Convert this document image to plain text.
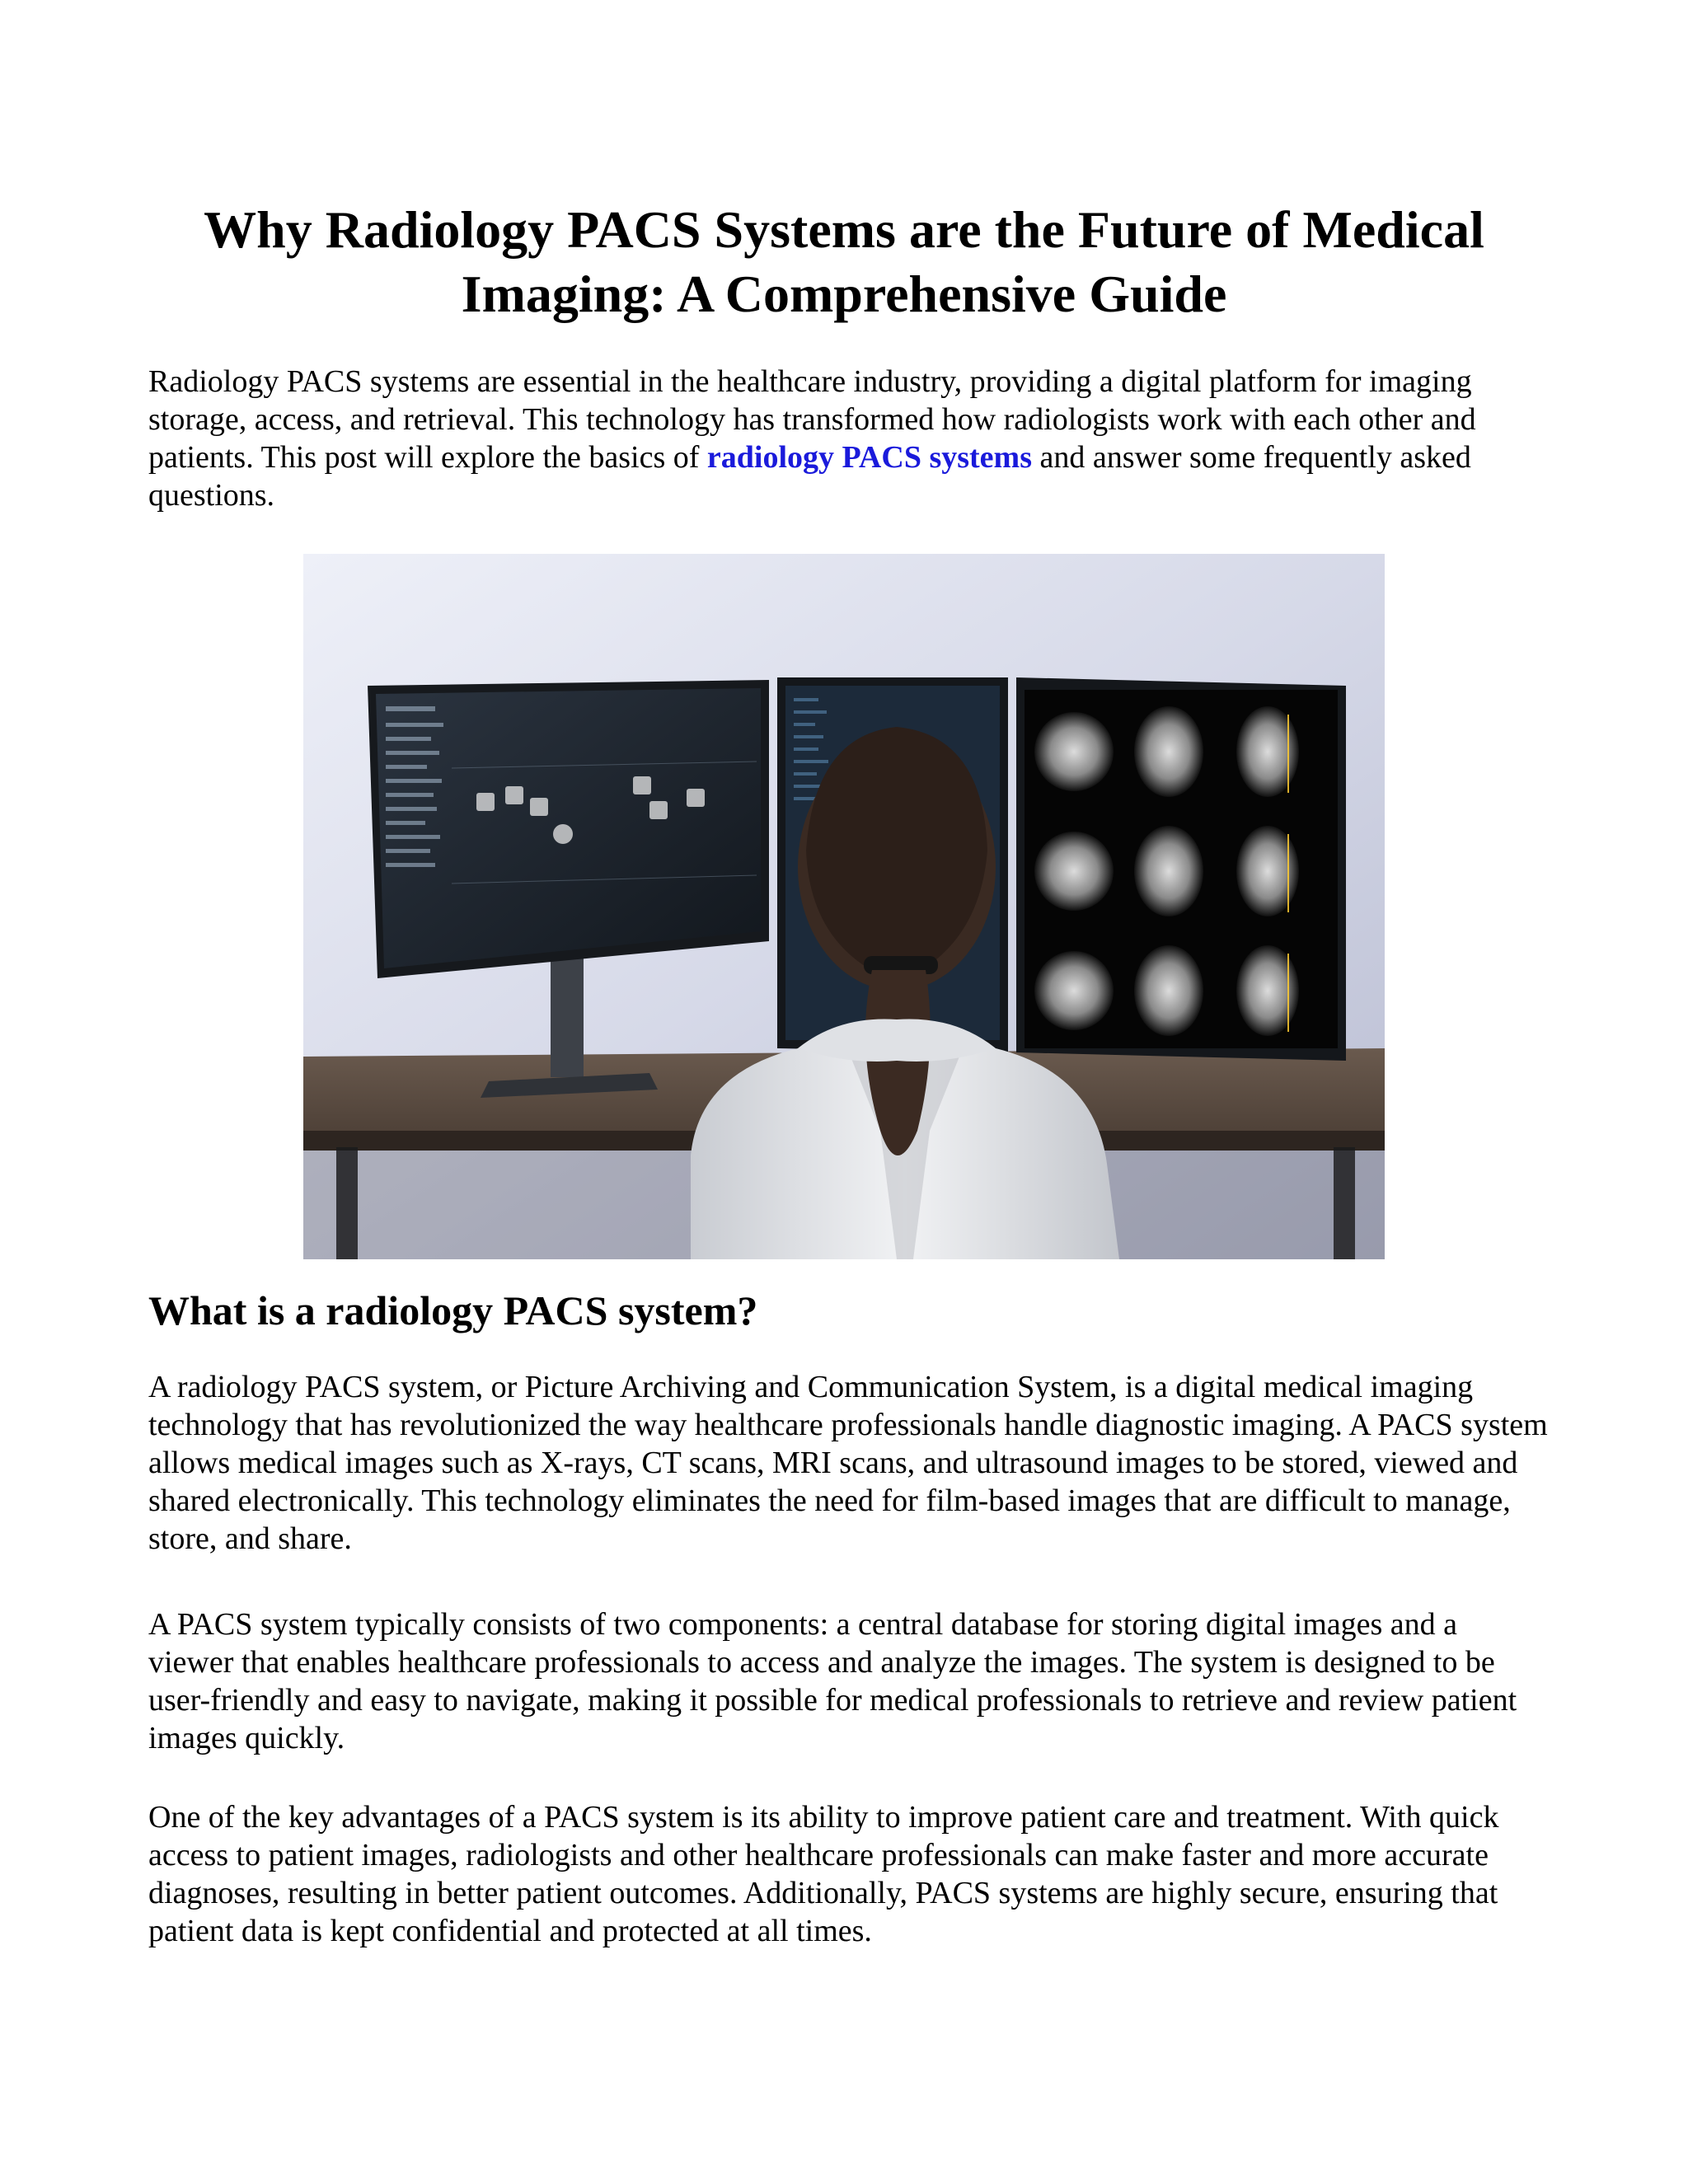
Why Radiology PACS Systems are the Future of Medical Imaging: A Comprehensive Guide

Radiology PACS systems are essential in the healthcare industry, providing a digital platform for imaging storage, access, and retrieval. This technology has transformed how radiologists work with each other and patients. This post will explore the basics of radiology PACS systems and answer some frequently asked questions.

What is a radiology PACS system?

A radiology PACS system, or Picture Archiving and Communication System, is a digital medical imaging technology that has revolutionized the way healthcare professionals handle diagnostic imaging. A PACS system allows medical images such as X-rays, CT scans, MRI scans, and ultrasound images to be stored, viewed and shared electronically. This technology eliminates the need for film-based images that are difficult to manage, store, and share.

A PACS system typically consists of two components: a central database for storing digital images and a viewer that enables healthcare professionals to access and analyze the images. The system is designed to be user-friendly and easy to navigate, making it possible for medical professionals to retrieve and review patient images quickly.

One of the key advantages of a PACS system is its ability to improve patient care and treatment. With quick access to patient images, radiologists and other healthcare professionals can make faster and more accurate diagnoses, resulting in better patient outcomes. Additionally, PACS systems are highly secure, ensuring that patient data is kept confidential and protected at all times.
